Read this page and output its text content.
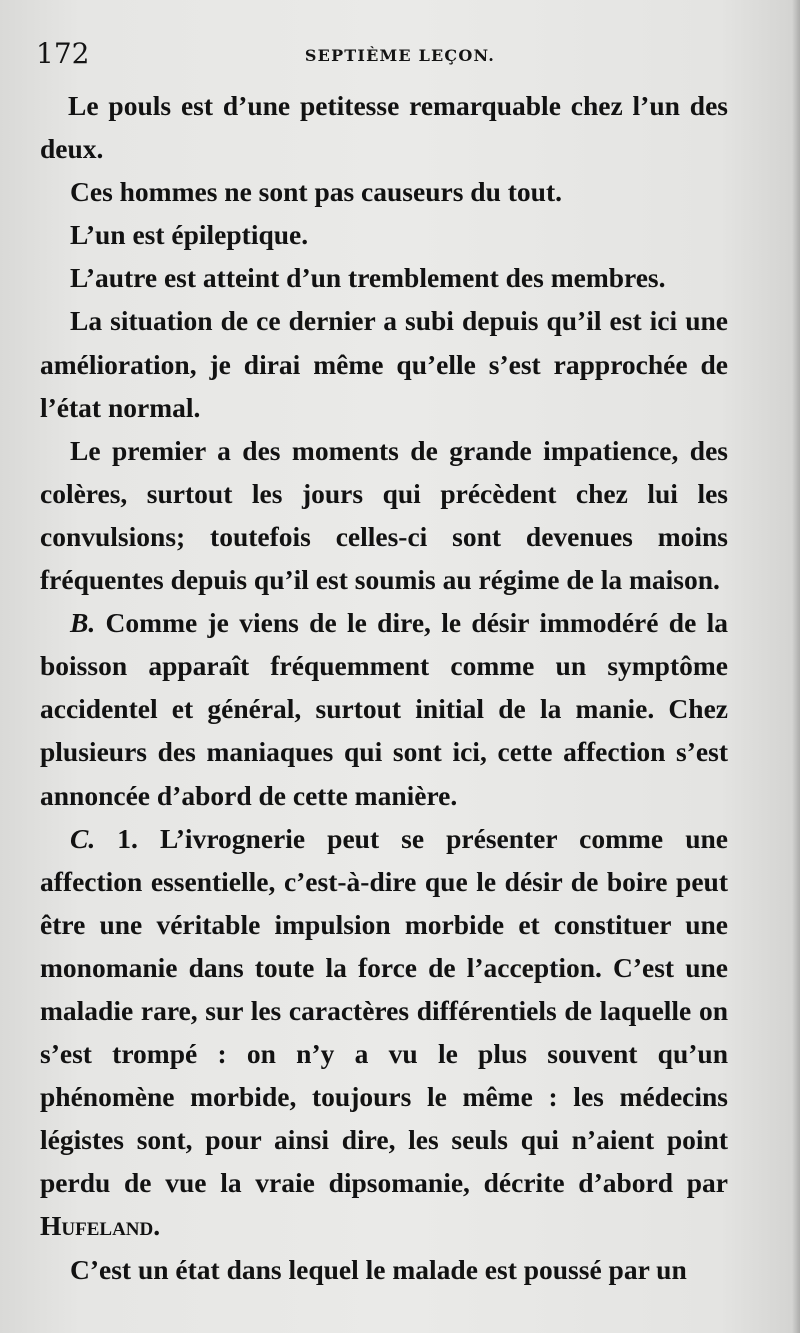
172	SEPTIÈME LEÇON.

Le pouls est d’une petitesse remarquable chez l’un des deux.

Ces hommes ne sont pas causeurs du tout.

L’un est épileptique.

L’autre est atteint d’un tremblement des membres.

La situation de ce dernier a subi depuis qu’il est ici une amélioration, je dirai même qu’elle s’est rapprochée de l’état normal.

Le premier a des moments de grande impatience, des colères, surtout les jours qui précèdent chez lui les convulsions; toutefois celles-ci sont devenues moins fréquentes depuis qu’il est soumis au régime de la maison.

B. Comme je viens de le dire, le désir immodéré de la boisson apparaît fréquemment comme un symptôme accidentel et général, surtout initial de la manie. Chez plusieurs des maniaques qui sont ici, cette affection s’est annoncée d’abord de cette manière.

C. 1. L’ivrognerie peut se présenter comme une affection essentielle, c’est-à-dire que le désir de boire peut être une véritable impulsion morbide et constituer une monomanie dans toute la force de l’acception. C’est une maladie rare, sur les caractères différentiels de laquelle on s’est trompé : on n’y a vu le plus souvent qu’un phénomène morbide, toujours le même : les médecins légistes sont, pour ainsi dire, les seuls qui n’aient point perdu de vue la vraie dipsomanie, décrite d’abord par Hufeland.

C’est un état dans lequel le malade est poussé par un
